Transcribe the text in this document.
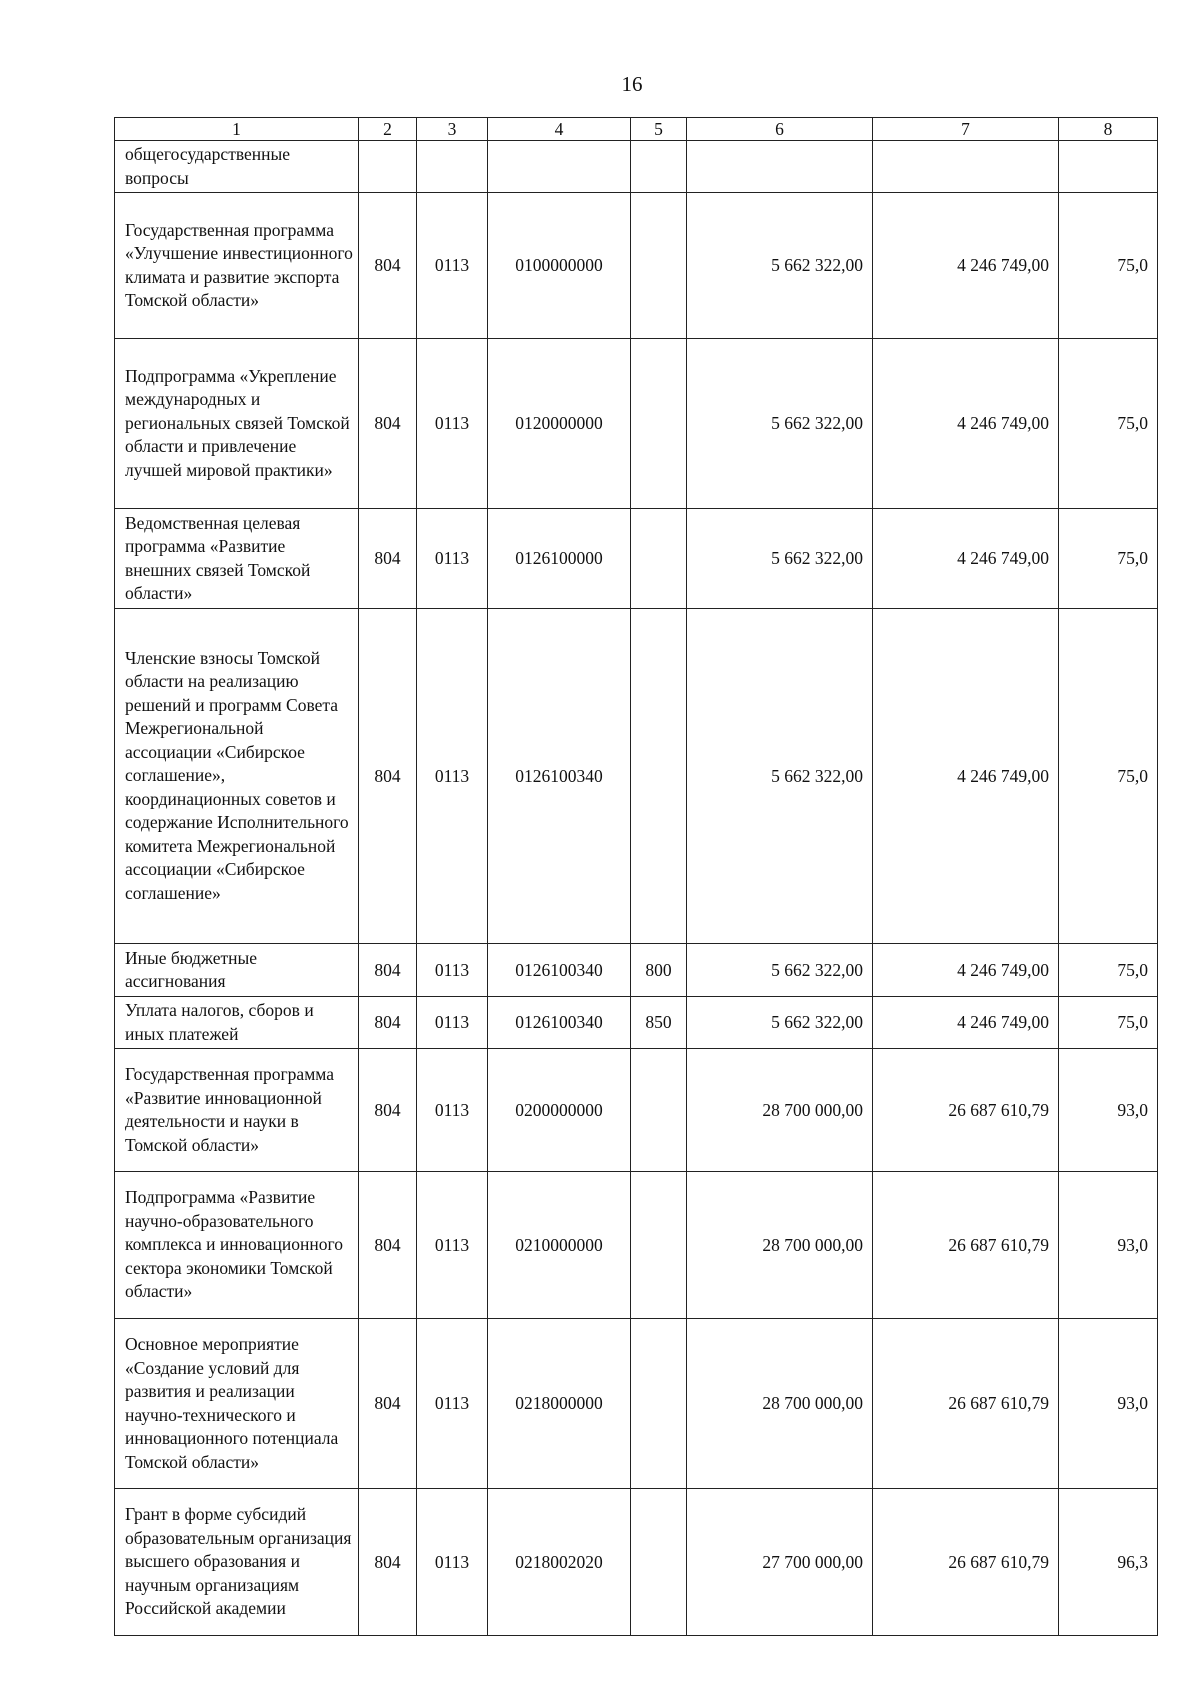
16
1	2	3	4	5	6	7	8
общегосударственные вопросы							
Государственная программа «Улучшение инвестиционного климата и развитие экспорта Томской области»	804	0113	0100000000		5 662 322,00	4 246 749,00	75,0
Подпрограмма «Укрепление международных и региональных связей Томской области и привлечение лучшей мировой практики»	804	0113	0120000000		5 662 322,00	4 246 749,00	75,0
Ведомственная целевая программа «Развитие внешних связей Томской области»	804	0113	0126100000		5 662 322,00	4 246 749,00	75,0
Членские взносы Томской области на реализацию решений и программ Совета Межрегиональной ассоциации «Сибирское соглашение», координационных советов и содержание Исполнительного комитета Межрегиональной ассоциации «Сибирское соглашение»	804	0113	0126100340		5 662 322,00	4 246 749,00	75,0
Иные бюджетные ассигнования	804	0113	0126100340	800	5 662 322,00	4 246 749,00	75,0
Уплата налогов, сборов и иных платежей	804	0113	0126100340	850	5 662 322,00	4 246 749,00	75,0
Государственная программа «Развитие инновационной деятельности и науки в Томской области»	804	0113	0200000000		28 700 000,00	26 687 610,79	93,0
Подпрограмма «Развитие научно-образовательного комплекса и инновационного сектора экономики Томской области»	804	0113	0210000000		28 700 000,00	26 687 610,79	93,0
Основное мероприятие «Создание условий для развития и реализации научно-технического и инновационного потенциала Томской области»	804	0113	0218000000		28 700 000,00	26 687 610,79	93,0
Грант в форме субсидий образовательным организация высшего образования и научным организациям Российской академии	804	0113	0218002020		27 700 000,00	26 687 610,79	96,3
